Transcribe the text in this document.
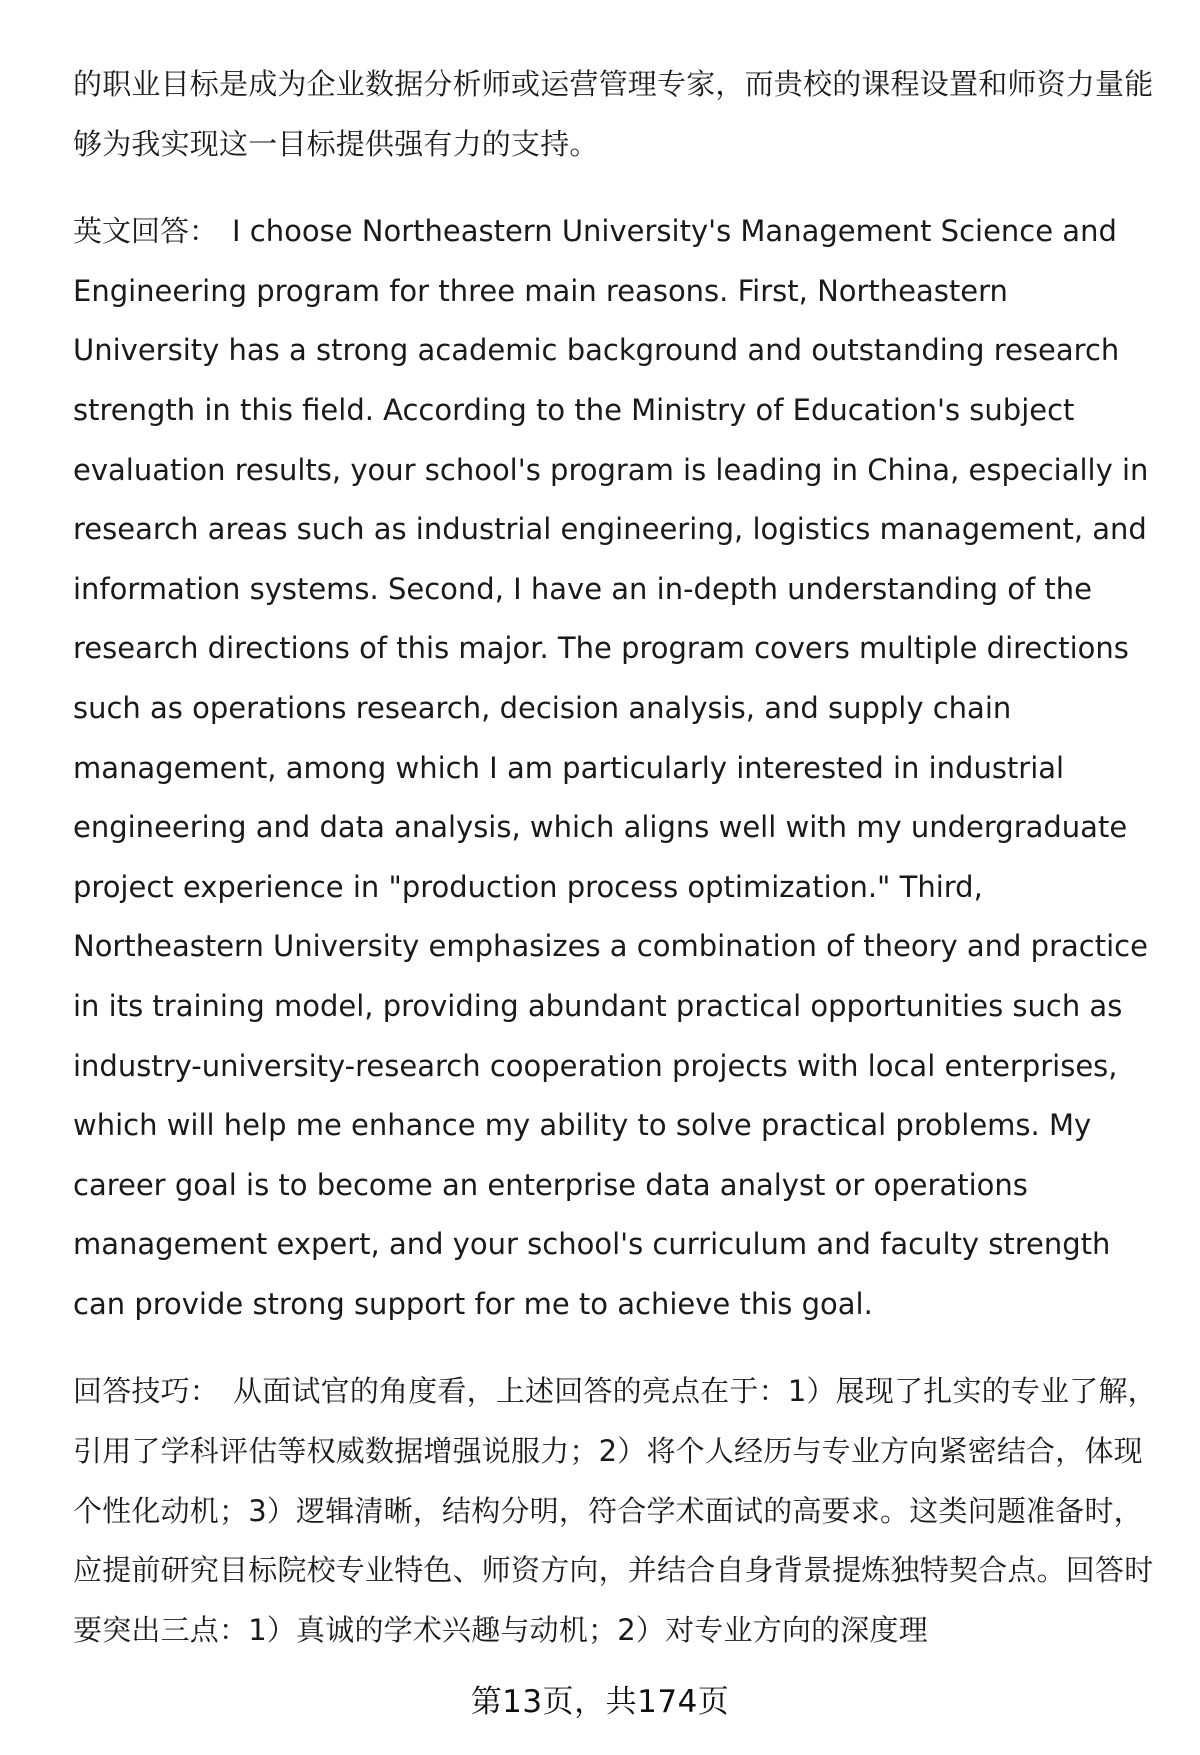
的职业目标是成为企业数据分析师或运营管理专家，而贵校的课程设置和师资力量能够为我实现这一目标提供强有力的支持。

英文回答： I choose Northeastern University's Management Science and Engineering program for three main reasons. First, Northeastern University has a strong academic background and outstanding research strength in this field. According to the Ministry of Education's subject evaluation results, your school's program is leading in China, especially in research areas such as industrial engineering, logistics management, and information systems. Second, I have an in-depth understanding of the research directions of this major. The program covers multiple directions such as operations research, decision analysis, and supply chain management, among which I am particularly interested in industrial engineering and data analysis, which aligns well with my undergraduate project experience in "production process optimization." Third, Northeastern University emphasizes a combination of theory and practice in its training model, providing abundant practical opportunities such as industry-university-research cooperation projects with local enterprises, which will help me enhance my ability to solve practical problems. My career goal is to become an enterprise data analyst or operations management expert, and your school's curriculum and faculty strength can provide strong support for me to achieve this goal.

回答技巧： 从面试官的角度看，上述回答的亮点在于：1）展现了扎实的专业了解，引用了学科评估等权威数据增强说服力；2）将个人经历与专业方向紧密结合，体现个性化动机；3）逻辑清晰，结构分明，符合学术面试的高要求。这类问题准备时，应提前研究目标院校专业特色、师资方向，并结合自身背景提炼独特契合点。回答时要突出三点：1）真诚的学术兴趣与动机；2）对专业方向的深度理

第13页，共174页
